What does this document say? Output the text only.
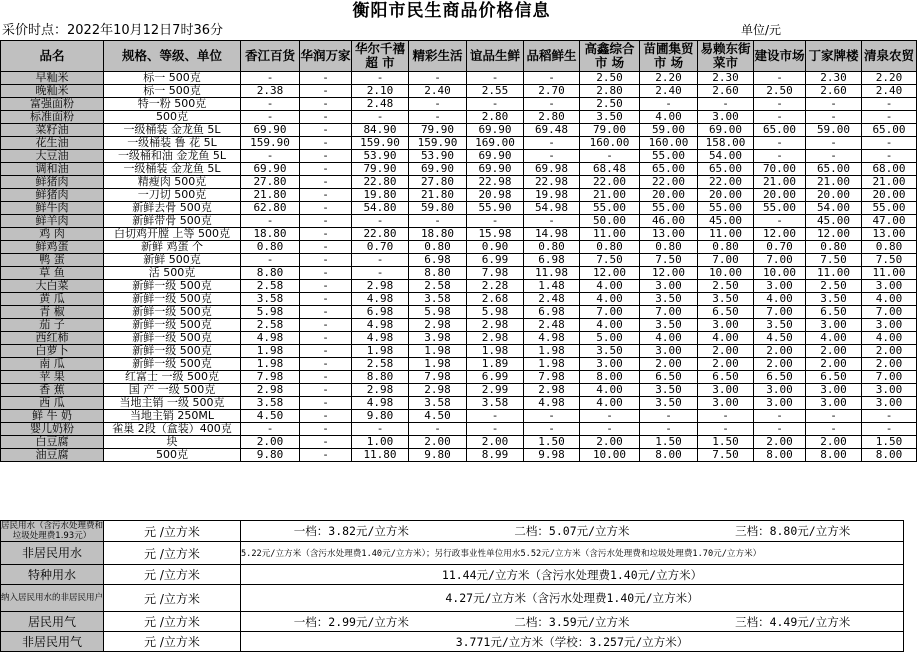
衡阳市民生商品价格信息
采价时点：2022年10月12日7时36分	单位/元
品名	规格、等级、单位	香江百货	华润万家	华尔千禧超 市	精彩生活	谊品生鲜	品稻鲜生	高鑫综合市 场	苗圃集贸市 场	易赖东街菜市	建设市场	丁家牌楼	清泉农贸
早籼米	标一 500克	-	-	-	-	-	-	2.50	2.20	2.30	-	2.30	2.20
晚籼米	标一 500克	2.38	-	2.10	2.40	2.55	2.70	2.80	2.40	2.60	2.50	2.60	2.40
富强面粉	特一粉 500克	-	-	2.48	-	-	-	2.50	-	-	-	-	-
标准面粉	500克	-	-	-	-	2.80	2.80	3.50	4.00	3.00	-	-	-
菜籽油	一级桶装 金龙鱼 5L	69.90	-	84.90	79.90	69.90	69.48	79.00	59.00	69.00	65.00	59.00	65.00
花生油	一级桶装 鲁 花 5L	159.90	-	159.90	159.90	169.00	-	160.00	160.00	158.00	-	-	-
大豆油	一级桶和油 金龙鱼 5L	-	-	53.90	53.90	69.90	-	-	55.00	54.00	-	-	-
调和油	一级桶装 金龙鱼 5L	69.90	-	79.90	69.90	69.90	69.98	68.48	65.00	65.00	70.00	65.00	68.00
鲜猪肉	精瘦肉 500克	27.80	-	22.80	27.80	22.98	22.98	22.00	22.00	22.00	21.00	21.00	21.00
鲜猪肉	一刀切 500克	21.80	-	19.80	21.80	20.98	19.98	21.00	20.00	20.00	20.00	20.00	20.00
鲜牛肉	新鲜去骨 500克	62.80	-	54.80	59.80	55.90	54.98	55.00	55.00	55.00	55.00	54.00	55.00
鲜羊肉	新鲜带骨 500克	-	-	-	-	-	-	50.00	46.00	45.00	-	45.00	47.00
鸡 肉	白切鸡开膛 上等 500克	18.80	-	22.80	18.80	15.98	14.98	11.00	13.00	11.00	12.00	12.00	13.00
鲜鸡蛋	新鲜 鸡蛋 个	0.80	-	0.70	0.80	0.90	0.80	0.80	0.80	0.80	0.70	0.80	0.80
鸭 蛋	新鲜 500克	-	-	-	6.98	6.99	6.98	7.50	7.50	7.00	7.00	7.50	7.50
草 鱼	活 500克	8.80	-	-	8.80	7.98	11.98	12.00	12.00	10.00	10.00	11.00	11.00
大白菜	新鲜一级 500克	2.58	-	2.98	2.58	2.28	1.48	4.00	3.00	2.50	3.00	2.50	3.00
黄 瓜	新鲜一级 500克	3.58	-	4.98	3.58	2.68	2.48	4.00	3.50	3.50	4.00	3.50	4.00
青 椒	新鲜一级 500克	5.98	-	6.98	5.98	5.98	6.98	7.00	7.00	6.50	7.00	6.50	7.00
茄 子	新鲜一级 500克	2.58	-	4.98	2.98	2.98	2.48	4.00	3.50	3.00	3.50	3.00	3.00
西红柿	新鲜一级 500克	4.98	-	4.98	3.98	2.98	4.98	5.00	4.00	4.00	4.50	4.00	4.00
白萝卜	新鲜一级 500克	1.98	-	1.98	1.98	1.98	1.98	3.50	3.00	2.00	2.00	2.00	2.00
南 瓜	新鲜一级 500克	1.98	-	2.58	1.98	1.89	1.98	3.00	2.00	2.00	2.00	2.00	2.00
苹 果	红富士 一级 500克	7.98	-	8.80	7.98	6.99	7.98	8.00	6.50	6.50	6.50	6.50	7.00
香 蕉	国 产 一级 500克	2.98	-	2.98	2.98	2.99	2.98	4.00	3.50	3.00	3.00	3.00	3.00
西 瓜	当地主销 一级 500克	3.58	-	4.98	3.58	3.58	4.98	4.00	3.50	3.00	3.00	3.00	3.00
鲜 牛 奶	当地主销 250ML	4.50	-	9.80	4.50	-	-	-	-	-	-	-	-
婴儿奶粉	雀巢 2段（盒装）400克	-	-	-	-	-	-	-	-	-	-	-	-
白豆腐	块	2.00	-	1.00	2.00	2.00	1.50	2.00	1.50	1.50	2.00	2.00	1.50
油豆腐	500克	9.80	-	11.80	9.80	8.99	9.98	10.00	8.00	7.50	8.00	8.00	8.00
居民用水（含污水处理费和垃圾处理费1.93元）	元 /立方米	一档：3.82元/立方米 二档：5.07元/立方米 三档：8.80元/立方米

非居民用水	元 /立方米	5.22元/立方米（含污水处理费1.40元/立方米）；另行政事业性单位用水5.52元/立方米（含污水处理费和垃圾处理费1.70元/立方米）

特种用水	元 /立方米	11.44元/立方米（含污水处理费1.40元/立方米）

纳入居民用水的非居民用户	元 /立方米	4.27元/立方米（含污水处理费1.40元/立方米）

居民用气	元 /立方米	一档：2.99元/立方米 二档：3.59元/立方米 三档：4.49元/立方米

非居民用气	元 /立方米	3.771元/立方米（学校：3.257元/立方米）
